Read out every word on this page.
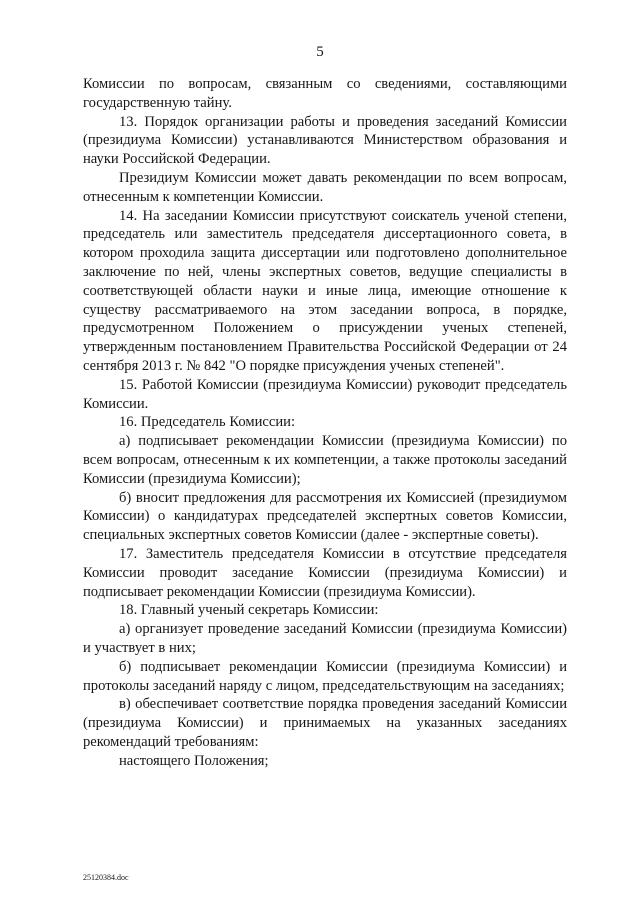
5

Комиссии по вопросам, связанным со сведениями, составляющими государственную тайну.

13. Порядок организации работы и проведения заседаний Комиссии (президиума Комиссии) устанавливаются Министерством образования и науки Российской Федерации.

Президиум Комиссии может давать рекомендации по всем вопросам, отнесенным к компетенции Комиссии.

14. На заседании Комиссии присутствуют соискатель ученой степени, председатель или заместитель председателя диссертационного совета, в котором проходила защита диссертации или подготовлено дополнительное заключение по ней, члены экспертных советов, ведущие специалисты в соответствующей области науки и иные лица, имеющие отношение к существу рассматриваемого на этом заседании вопроса, в порядке, предусмотренном Положением о присуждении ученых степеней, утвержденным постановлением Правительства Российской Федерации от 24 сентября 2013 г. № 842 "О порядке присуждения ученых степеней".

15. Работой Комиссии (президиума Комиссии) руководит председатель Комиссии.

16. Председатель Комиссии:

а) подписывает рекомендации Комиссии (президиума Комиссии) по всем вопросам, отнесенным к их компетенции, а также протоколы заседаний Комиссии (президиума Комиссии);

б) вносит предложения для рассмотрения их Комиссией (президиумом Комиссии) о кандидатурах председателей экспертных советов Комиссии, специальных экспертных советов Комиссии (далее - экспертные советы).

17. Заместитель председателя Комиссии в отсутствие председателя Комиссии проводит заседание Комиссии (президиума Комиссии) и подписывает рекомендации Комиссии (президиума Комиссии).

18. Главный ученый секретарь Комиссии:

а) организует проведение заседаний Комиссии (президиума Комиссии) и участвует в них;

б) подписывает рекомендации Комиссии (президиума Комиссии) и протоколы заседаний наряду с лицом, председательствующим на заседаниях;

в) обеспечивает соответствие порядка проведения заседаний Комиссии (президиума Комиссии) и принимаемых на указанных заседаниях рекомендаций требованиям:

настоящего Положения;

25120384.doc
